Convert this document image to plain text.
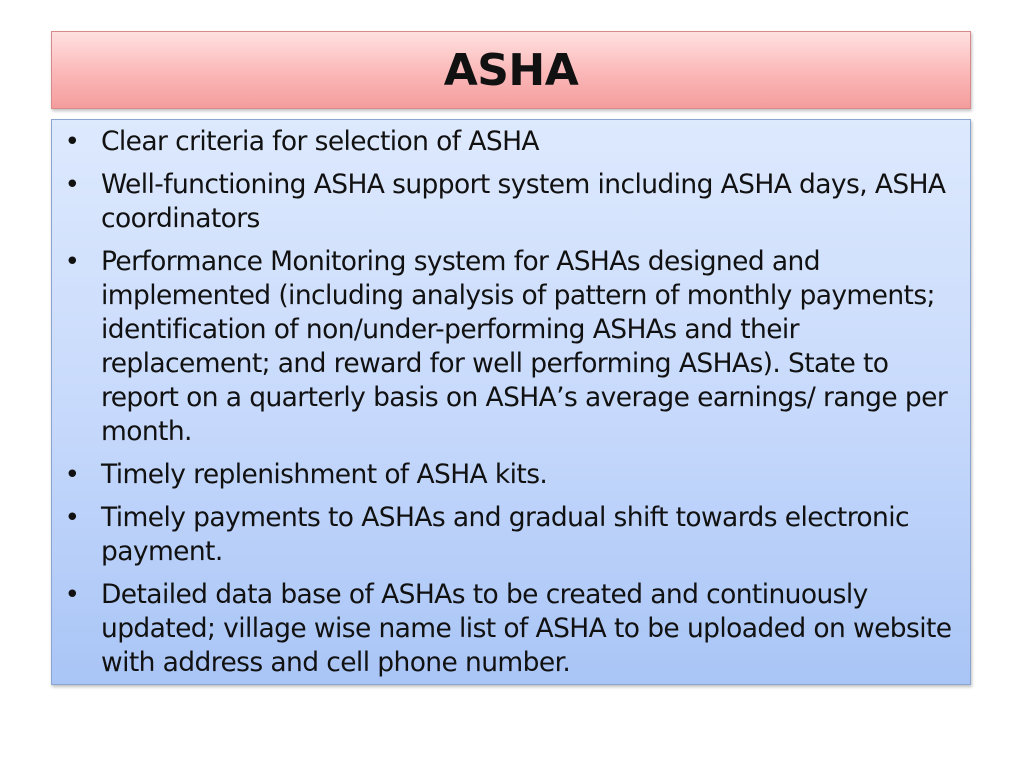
ASHA
• Clear criteria for selection of ASHA
• Well-functioning ASHA support system including ASHA days, ASHA coordinators
• Performance Monitoring system for ASHAs designed and implemented (including analysis of pattern of monthly payments; identification of non/under-performing ASHAs and their replacement; and reward for well performing ASHAs). State to report on a quarterly basis on ASHA’s average earnings/ range per month.
• Timely replenishment of ASHA kits.
• Timely payments to ASHAs and gradual shift towards electronic payment.
• Detailed data base of ASHAs to be created and continuously updated; village wise name list of ASHA to be uploaded on website with address and cell phone number.
